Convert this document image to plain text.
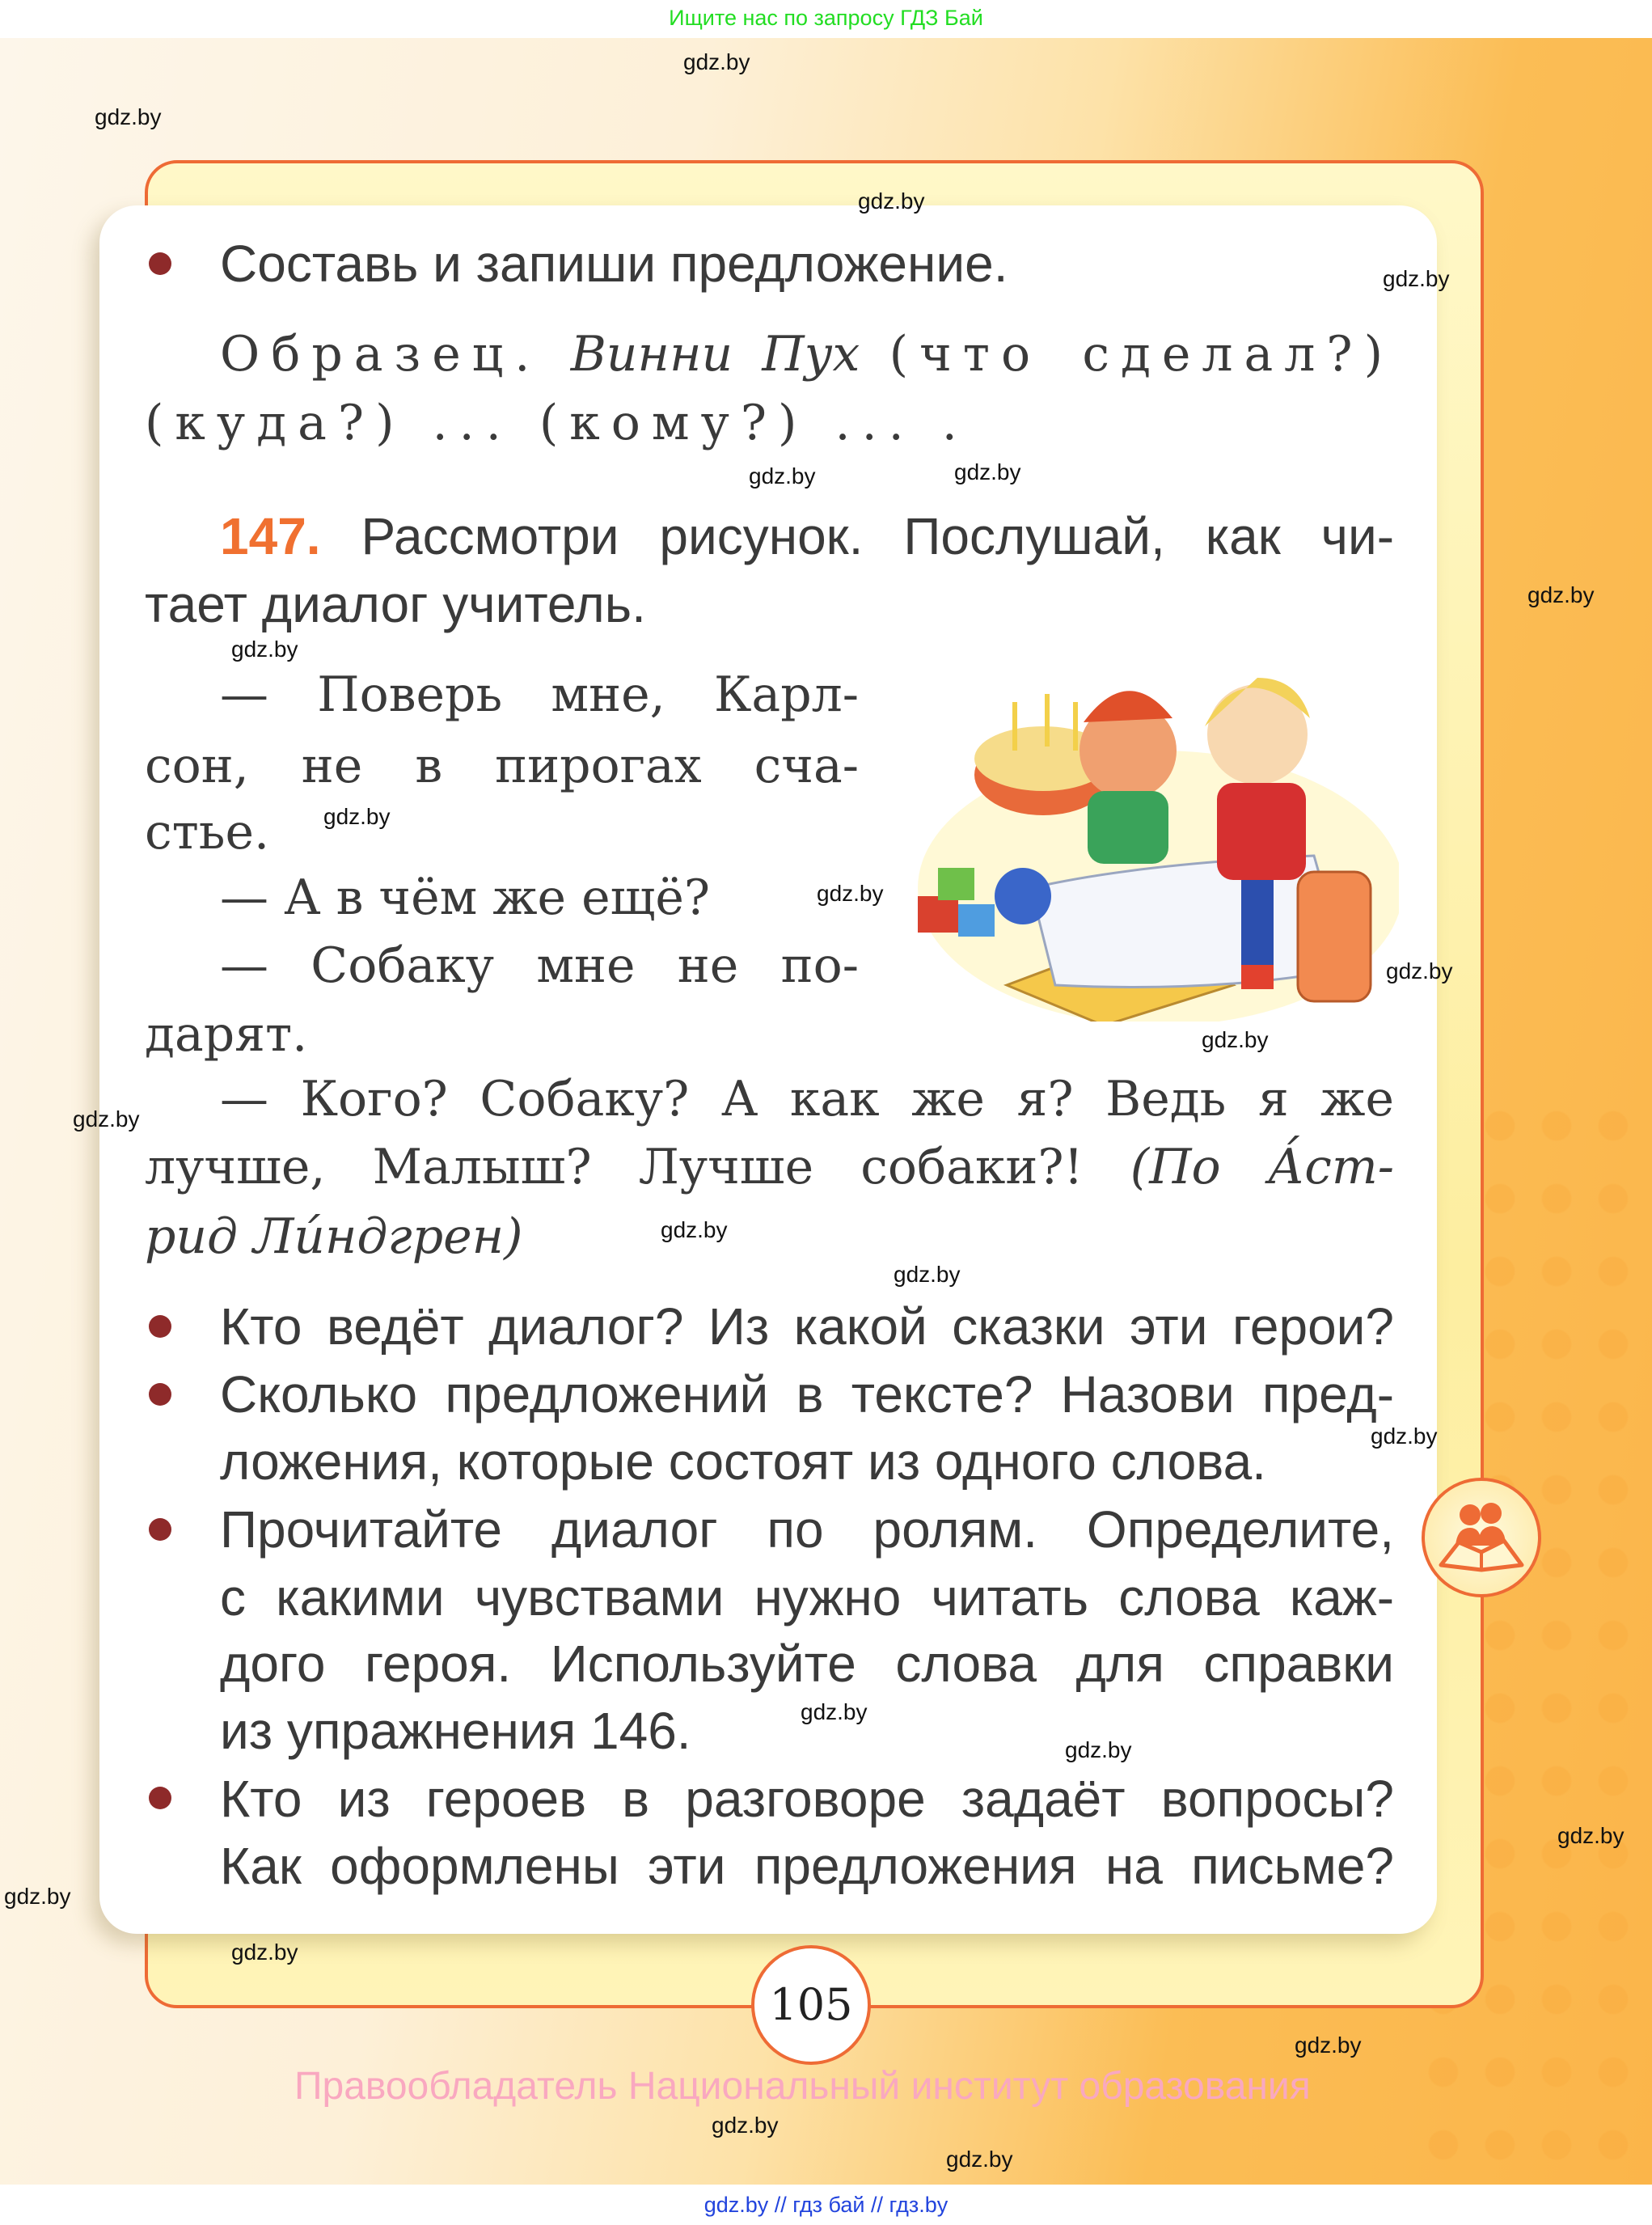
Ищите нас по запросу ГДЗ Бай
Составь и запиши предложение.
Образец. Винни Пух (что сделал?)
(куда?) ... (кому?) ... .
147. Рассмотри рисунок. Послушай, как чи-
тает диалог учитель.
— Поверь мне, Карл-
сон, не в пирогах сча-
стье.
— А в чём же ещё?
— Собаку мне не по-
дарят.
— Кого? Собаку? А как же я? Ведь я же
лучше, Малыш? Лучше собаки?! (По А́ст-
рид Ли́ндгрен)
Кто ведёт диалог? Из какой сказки эти герои?
Сколько предложений в тексте? Назови пред-
ложения, которые состоят из одного слова.
Прочитайте диалог по ролям. Определите,
с какими чувствами нужно читать слова каж-
дого героя. Используйте слова для справки
из упражнения 146.
Кто из героев в разговоре задаёт вопросы?
Как оформлены эти предложения на письме?
105
Правообладатель Национальный институт образования
gdz.by
gdz.by
gdz.by
gdz.by
gdz.by
gdz.by
gdz.by
gdz.by
gdz.by
gdz.by
gdz.by
gdz.by
gdz.by
gdz.by
gdz.by
gdz.by
gdz.by
gdz.by
gdz.by
gdz.by
gdz.by
gdz.by
gdz.by
gdz.by
gdz.by // гдз бай // гдз.by
